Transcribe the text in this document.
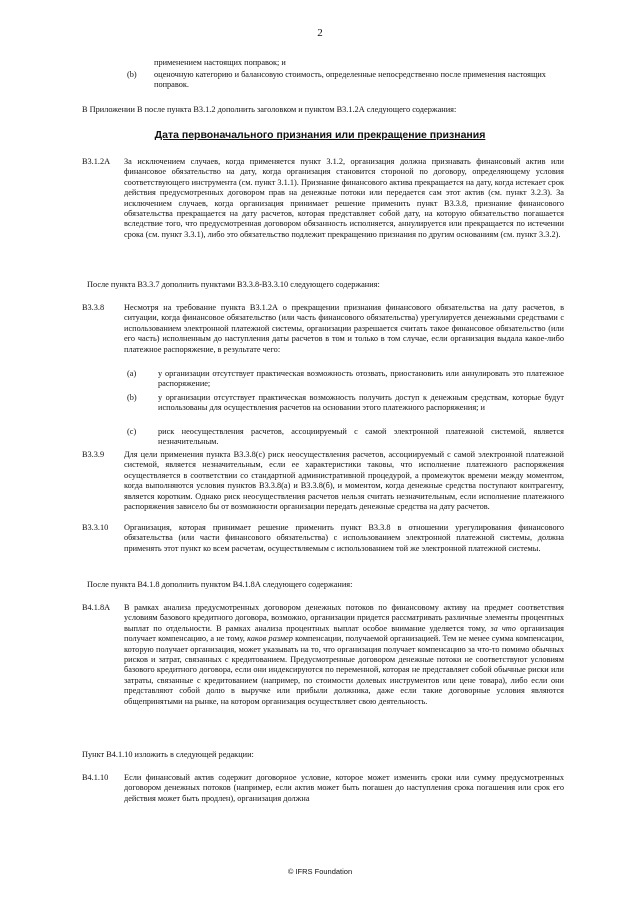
2
применением настоящих поправок; и
(b) оценочную категорию и балансовую стоимость, определенные непосредственно после применения настоящих поправок.
В Приложении В после пункта В3.1.2 дополнить заголовком и пунктом В3.1.2А следующего содержания:
Дата первоначального признания или прекращение признания
В3.1.2А За исключением случаев, когда применяется пункт 3.1.2, организация должна признавать финансовый актив или финансовое обязательство на дату, когда организация становится стороной по договору, определяющему условия соответствующего инструмента (см. пункт 3.1.1). Признание финансового актива прекращается на дату, когда истекает срок действия предусмотренных договором прав на денежные потоки или передается сам этот актив (см. пункт 3.2.3). За исключением случаев, когда организация принимает решение применить пункт В3.3.8, признание финансового обязательства прекращается на дату расчетов, которая представляет собой дату, на которую обязательство погашается вследствие того, что предусмотренная договором обязанность исполняется, аннулируется или прекращается по истечении срока (см. пункт 3.3.1), либо это обязательство подлежит прекращению признания по другим основаниям (см. пункт 3.3.2).
После пункта В3.3.7 дополнить пунктами В3.3.8-В3.3.10 следующего содержания:
В3.3.8 Несмотря на требование пункта В3.1.2А о прекращении признания финансового обязательства на дату расчетов, в ситуации, когда финансовое обязательство (или часть финансового обязательства) урегулируется денежными средствами с использованием электронной платежной системы, организации разрешается считать такое финансовое обязательство (или его часть) исполненным до наступления даты расчетов в том и только в том случае, если организация выдала какое-либо платежное распоряжение, в результате чего:
(a)	у организации отсутствует практическая возможность отозвать, приостановить или аннулировать это платежное распоряжение;
(b)	у организации отсутствует практическая возможность получить доступ к денежным средствам, которые будут использованы для осуществления расчетов на основании этого платежного распоряжения; и
(c)	риск неосуществления расчетов, ассоциируемый с самой электронной платежной системой, является незначительным.
В3.3.9 Для цели применения пункта В3.3.8(с) риск неосуществления расчетов, ассоциируемый с самой электронной платежной системой, является незначительным, если ее характеристики таковы, что исполнение платежного распоряжения осуществляется в соответствии со стандартной административной процедурой, а промежуток времени между моментом, когда выполняются условия пунктов В3.3.8(а) и В3.3.8(б), и моментом, когда денежные средства поступают контрагенту, является коротким. Однако риск неосуществления расчетов нельзя считать незначительным, если исполнение платежного распоряжения зависело бы от возможности организации передать денежные средства на дату расчетов.
В3.3.10 Организация, которая принимает решение применить пункт В3.3.8 в отношении урегулирования финансового обязательства (или части финансового обязательства) с использованием электронной платежной системы, должна применять этот пункт ко всем расчетам, осуществляемым с использованием той же электронной платежной системы.
После пункта В4.1.8 дополнить пунктом В4.1.8А следующего содержания:
В4.1.8А В рамках анализа предусмотренных договором денежных потоков по финансовому активу на предмет соответствия условиям базового кредитного договора, возможно, организации придется рассматривать различные элементы процентных выплат по отдельности. В рамках анализа процентных выплат особое внимание уделяется тому, за что организация получает компенсацию, а не тому, каков размер компенсации, получаемой организацией. Тем не менее сумма компенсации, которую получает организация, может указывать на то, что организация получает компенсацию за что-то помимо обычных рисков и затрат, связанных с кредитованием. Предусмотренные договором денежные потоки не соответствуют условиям базового кредитного договора, если они индексируются по переменной, которая не представляет собой обычные риски или затраты, связанные с кредитованием (например, по стоимости долевых инструментов или цене товара), либо если они представляют собой долю в выручке или прибыли должника, даже если такие договорные условия являются общепринятыми на рынке, на котором организация осуществляет свою деятельность.
Пункт В4.1.10 изложить в следующей редакции:
В4.1.10 Если финансовый актив содержит договорное условие, которое может изменить сроки или сумму предусмотренных договором денежных потоков (например, если актив может быть погашен до наступления срока погашения или срок его действия может быть продлен), организация должна
© IFRS Foundation
